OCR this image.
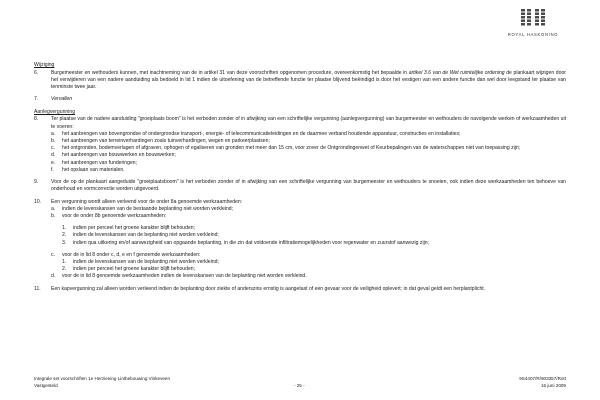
ROYAL HASKONING
Wijziging
6.	Burgemeester en wethouders kunnen, met inachtneming van de in artikel 31 van deze voorschriften opgenomen procedure, overeenkomstig het bepaalde in artikel 3.6 van de Wet ruimtelijke ordening de plankaart wijzigen door het verwijderen van een nadere aanduiding als bedoeld in lid 1 indien de uitoefening van de betreffende functie ter plaatse blijvend beëindigd is door het vestigen van een andere functie dan wel door leegstand ter plaatse van tenminste twee jaar.
7.	Vervallen
Aanlegvergunning
8.	Ter plaatse van de nadere aanduiding "groeiplaats boom" is het verboden zonder of in afwijking van een schriftelijke vergunning (aanlegvergunning) van burgemeester en wethouders de navolgende werken of werkzaamheden uit te voeren:
a.	het aanbrengen van bovengrondse of ondergrondse transport-, energie- of telecommunicatieleidingen en de daarmee verband houdende apparatuur, constructies en installaties;
b.	het aanbrengen van terreinverhardingen zoals tuinverhardingen, wegen en parkeerplaatsen;
c.	het ontgronden, bodemverlagen of afgraven, ophogen of egaliseren van gronden met meer dan 15 cm, voor zover de Ontgrondingenwet of Keurbepalingen van de waterschappen niet van toepassing zijn;
d.	het aanbrengen van bouwwerken en bouwwerken;
e.	het aanbrengen van funderingen;
f.	het opslaan van materialen.
9.	Voor de op de plankaart aangeduide "groeiplaatsboom" is het verboden zonder of in afwijking van een schriftelijke vergunning van burgemeester en wethouders te snoeien, ook indien deze werkzaamheden ten behoeve van onderhoud en vormcorrectie worden uitgevoerd.
10.	Een vergunning wordt alleen verleend voor de onder 8a genoemde werkzaamheden:
a.	indien de levenskansen van de bestaande beplanting niet worden verkleind;
b.	voor de onder 8b genoemde werkzaamheden:
1.	indien per perceel het groene karakter blijft behouden;
2.	indien de levenskansen van de beplanting niet worden verkleind;
3.	indien qua uitkering en/of aanwezigheid van opgaande beplanting, in die zin dat voldoende infiltratiemogelijkheden voor regenwater en zuurstof aanwezig zijn;
c.	voor de in lid 8 onder c, d, e en f genoemde werkzaamheden:
1.	indien de levenskansen van de beplanting niet worden verkleind;
2.	indien per perceel het groene karakter blijft behouden;
d.	voor de in lid 8 genoemde werkzaamheden indien de levenskansen van de beplanting niet worden verkleind.
11.	Een kapvergunning zal alleen worden verleend indien de beplanting door ziekte of anderszins ernstig is aangetast of een gevaar voor de veiligheid oplevert; in dat geval geldt een herplantplicht.
Integrale set voorschriften 1e Herziening Lintbebouwing Vinkeveen	9S4407/R/903357/Rott
Vastgesteld	- 25 -	16 juni 2009
